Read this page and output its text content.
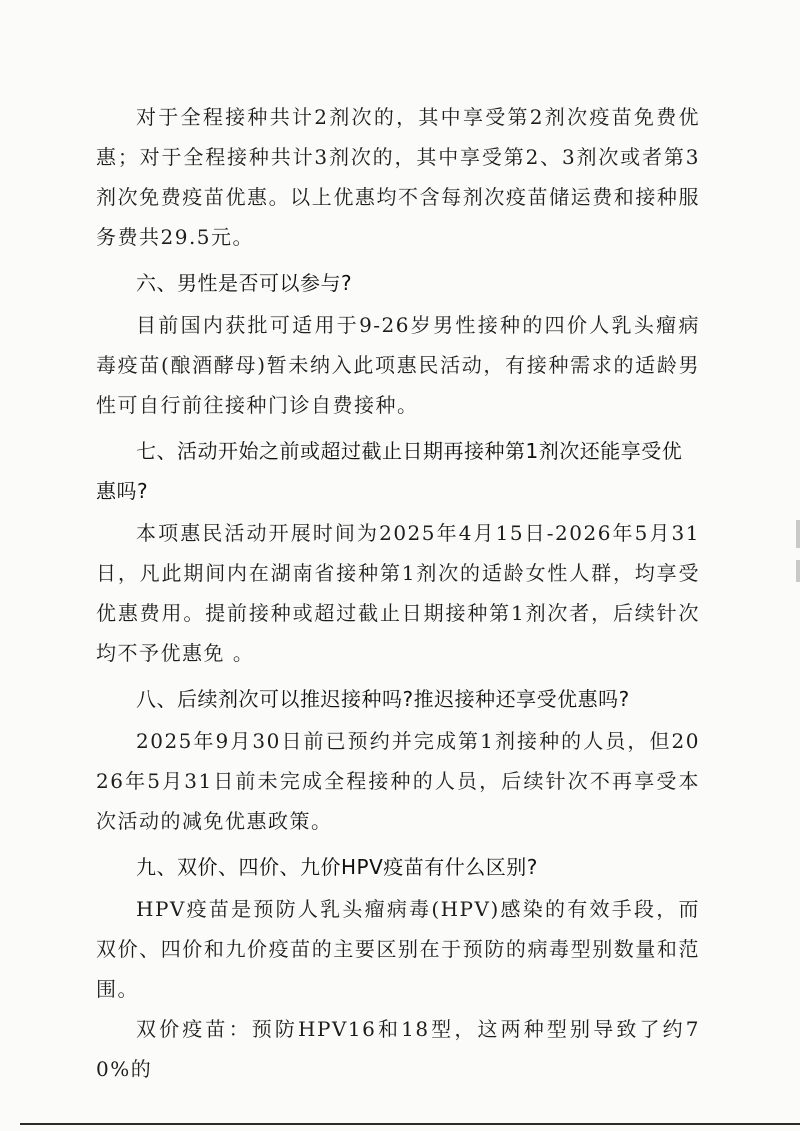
对于全程接种共计2剂次的，其中享受第2剂次疫苗免费优惠；对于全程接种共计3剂次的，其中享受第2、3剂次或者第3剂次免费疫苗优惠。以上优惠均不含每剂次疫苗储运费和接种服务费共29.5元。

六、男性是否可以参与?

目前国内获批可适用于9-26岁男性接种的四价人乳头瘤病毒疫苗(酿酒酵母)暂未纳入此项惠民活动，有接种需求的适龄男性可自行前往接种门诊自费接种。

七、活动开始之前或超过截止日期再接种第1剂次还能享受优惠吗?

本项惠民活动开展时间为2025年4月15日-2026年5月31日，凡此期间内在湖南省接种第1剂次的适龄女性人群，均享受优惠费用。提前接种或超过截止日期接种第1剂次者，后续针次均不予优惠免 。

八、后续剂次可以推迟接种吗?推迟接种还享受优惠吗?

2025年9月30日前已预约并完成第1剂接种的人员，但2026年5月31日前未完成全程接种的人员，后续针次不再享受本次活动的减免优惠政策。

九、双价、四价、九价HPV疫苗有什么区别?

HPV疫苗是预防人乳头瘤病毒(HPV)感染的有效手段，而双价、四价和九价疫苗的主要区别在于预防的病毒型别数量和范围。

双价疫苗：预防HPV16和18型，这两种型别导致了约70%的
